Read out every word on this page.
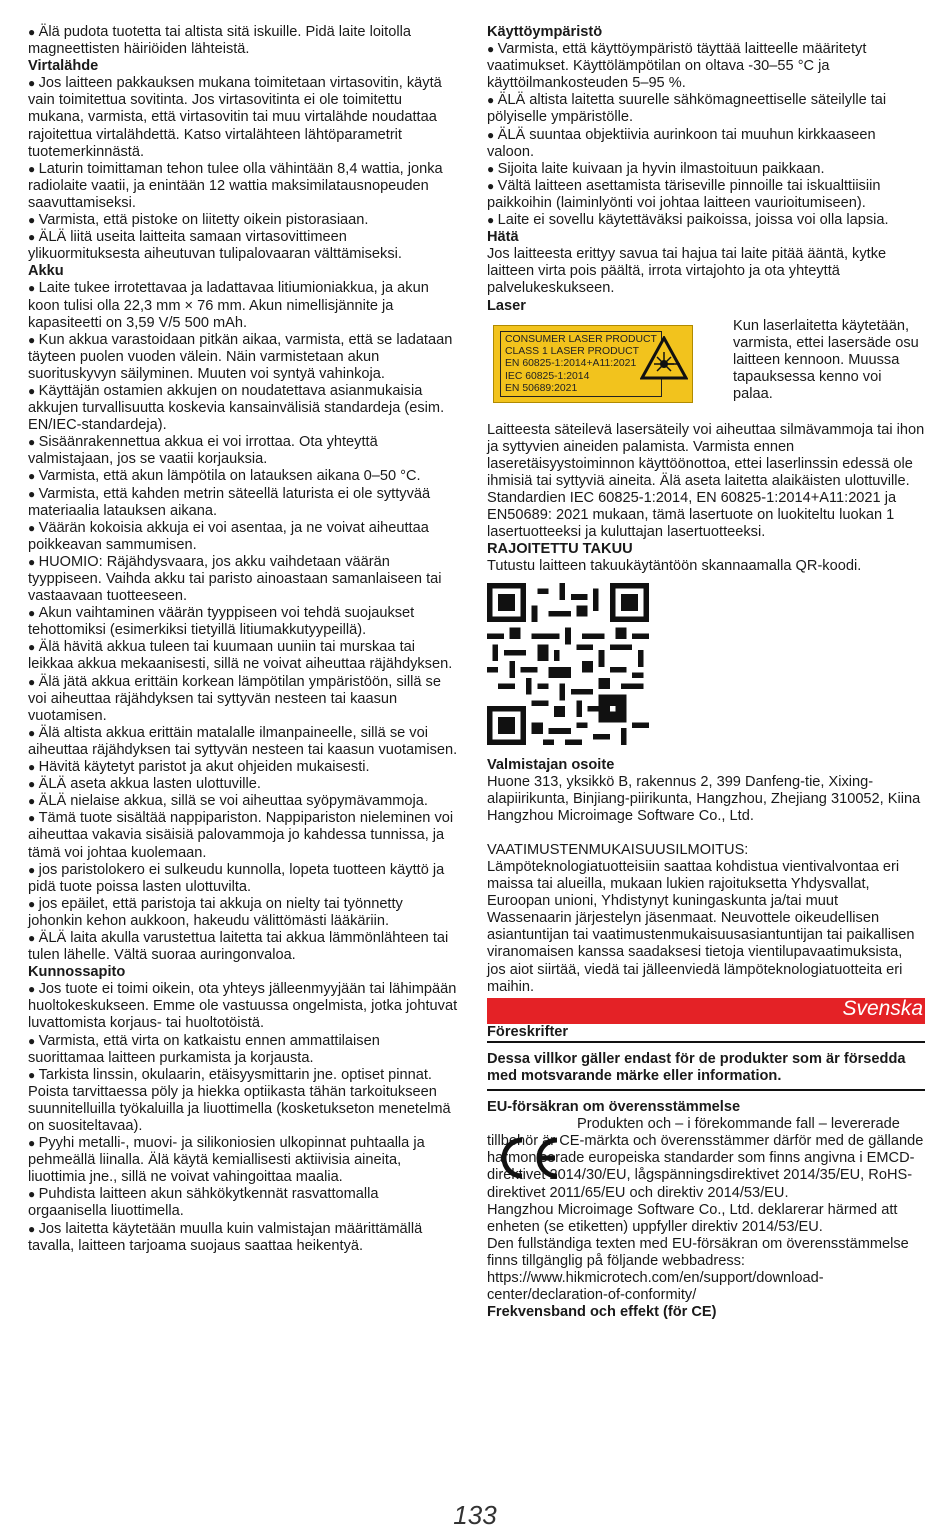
● Älä pudota tuotetta tai altista sitä iskuille. Pidä laite loitolla magneettisten häiriöiden lähteistä.

Virtalähde

● Jos laitteen pakkauksen mukana toimitetaan virtasovitin, käytä vain toimitettua sovitinta. Jos virtasovitinta ei ole toimitettu mukana, varmista, että virtasovitin tai muu virtalähde noudattaa rajoitettua virtalähdettä. Katso virtalähteen lähtöparametrit tuotemerkinnästä.

● Laturin toimittaman tehon tulee olla vähintään 8,4 wattia, jonka radiolaite vaatii, ja enintään 12 wattia maksimilatausnopeuden saavuttamiseksi.

● Varmista, että pistoke on liitetty oikein pistorasiaan.

● ÄLÄ liitä useita laitteita samaan virtasovittimeen ylikuormituksesta aiheutuvan tulipalovaaran välttämiseksi.

Akku

● Laite tukee irrotettavaa ja ladattavaa litiumioniakkua, ja akun koon tulisi olla 22,3 mm × 76 mm. Akun nimellisjännite ja kapasiteetti on 3,59 V/5 500 mAh.

● Kun akkua varastoidaan pitkän aikaa, varmista, että se ladataan täyteen puolen vuoden välein. Näin varmistetaan akun suorituskyvyn säilyminen. Muuten voi syntyä vahinkoja.

● Käyttäjän ostamien akkujen on noudatettava asianmukaisia akkujen turvallisuutta koskevia kansainvälisiä standardeja (esim. EN/IEC-standardeja).

● Sisäänrakennettua akkua ei voi irrottaa. Ota yhteyttä valmistajaan, jos se vaatii korjauksia.

● Varmista, että akun lämpötila on latauksen aikana 0–50 °C.

● Varmista, että kahden metrin säteellä laturista ei ole syttyvää materiaalia latauksen aikana.

● Väärän kokoisia akkuja ei voi asentaa, ja ne voivat aiheuttaa poikkeavan sammumisen.

● HUOMIO: Räjähdysvaara, jos akku vaihdetaan väärän tyyppiseen. Vaihda akku tai paristo ainoastaan samanlaiseen tai vastaavaan tuotteeseen.

● Akun vaihtaminen väärän tyyppiseen voi tehdä suojaukset tehottomiksi (esimerkiksi tietyillä litiumakkutyypeillä).

● Älä hävitä akkua tuleen tai kuumaan uuniin tai murskaa tai leikkaa akkua mekaanisesti, sillä ne voivat aiheuttaa räjähdyksen.

● Älä jätä akkua erittäin korkean lämpötilan ympäristöön, sillä se voi aiheuttaa räjähdyksen tai syttyvän nesteen tai kaasun vuotamisen.

● Älä altista akkua erittäin matalalle ilmanpaineelle, sillä se voi aiheuttaa räjähdyksen tai syttyvän nesteen tai kaasun vuotamisen.

● Hävitä käytetyt paristot ja akut ohjeiden mukaisesti.

● ÄLÄ aseta akkua lasten ulottuville.

● ÄLÄ nielaise akkua, sillä se voi aiheuttaa syöpymävammoja.

● Tämä tuote sisältää nappipariston. Nappipariston nieleminen voi aiheuttaa vakavia sisäisiä palovammoja jo kahdessa tunnissa, ja tämä voi johtaa kuolemaan.

● jos paristolokero ei sulkeudu kunnolla, lopeta tuotteen käyttö ja pidä tuote poissa lasten ulottuvilta.

● jos epäilet, että paristoja tai akkuja on nielty tai työnnetty johonkin kehon aukkoon, hakeudu välittömästi lääkäriin.

● ÄLÄ laita akulla varustettua laitetta tai akkua lämmönlähteen tai tulen lähelle. Vältä suoraa auringonvaloa.

Kunnossapito

● Jos tuote ei toimi oikein, ota yhteys jälleenmyyjään tai lähimpään huoltokeskukseen. Emme ole vastuussa ongelmista, jotka johtuvat luvattomista korjaus- tai huoltotöistä.

● Varmista, että virta on katkaistu ennen ammattilaisen suorittamaa laitteen purkamista ja korjausta.

● Tarkista linssin, okulaarin, etäisyysmittarin jne. optiset pinnat. Poista tarvittaessa pöly ja hiekka optiikasta tähän tarkoitukseen suunnitelluilla työkaluilla ja liuottimella (kosketukseton menetelmä on suositeltavaa).

● Pyyhi metalli-, muovi- ja silikoniosien ulkopinnat puhtaalla ja pehmeällä liinalla. Älä käytä kemiallisesti aktiivisia aineita, liuottimia jne., sillä ne voivat vahingoittaa maalia.

● Puhdista laitteen akun sähkökytkennät rasvattomalla orgaanisella liuottimella.

● Jos laitetta käytetään muulla kuin valmistajan määrittämällä tavalla, laitteen tarjoama suojaus saattaa heikentyä.

Käyttöympäristö

● Varmista, että käyttöympäristö täyttää laitteelle määritetyt vaatimukset. Käyttölämpötilan on oltava -30–55 °C ja käyttöilmankosteuden 5–95 %.

● ÄLÄ altista laitetta suurelle sähkömagneettiselle säteilylle tai pölyiselle ympäristölle.

● ÄLÄ suuntaa objektiivia aurinkoon tai muuhun kirkkaaseen valoon.

● Sijoita laite kuivaan ja hyvin ilmastoituun paikkaan.

● Vältä laitteen asettamista täriseville pinnoille tai iskualttiisiin paikkoihin (laiminlyönti voi johtaa laitteen vaurioitumiseen).

● Laite ei sovellu käytettäväksi paikoissa, joissa voi olla lapsia.

Hätä

Jos laitteesta erittyy savua tai hajua tai laite pitää ääntä, kytke laitteen virta pois päältä, irrota virtajohto ja ota yhteyttä palvelukeskukseen.

Laser

CONSUMER LASER PRODUCT
CLASS 1 LASER PRODUCT
EN 60825-1:2014+A11:2021
IEC 60825-1:2014
EN 50689:2021

Kun laserlaitetta käytetään, varmista, ettei lasersäde osu laitteen kennoon. Muussa tapauksessa kenno voi palaa.

Laitteesta säteilevä lasersäteily voi aiheuttaa silmävammoja tai ihon ja syttyvien aineiden palamista. Varmista ennen laseretäisyystoiminnon käyttöönottoa, ettei laserlinssin edessä ole ihmisiä tai syttyviä aineita. Älä aseta laitetta alaikäisten ulottuville. Standardien IEC 60825-1:2014, EN 60825-1:2014+A11:2021 ja EN50689: 2021 mukaan, tämä lasertuote on luokiteltu luokan 1 lasertuotteeksi ja kuluttajan lasertuotteeksi.

RAJOITETTU TAKUU

Tutustu laitteen takuukäytäntöön skannaamalla QR-koodi.

Valmistajan osoite

Huone 313, yksikkö B, rakennus 2, 399 Danfeng-tie, Xixing-alapiirikunta, Binjiang-piirikunta, Hangzhou, Zhejiang 310052, Kiina

Hangzhou Microimage Software Co., Ltd.

VAATIMUSTENMUKAISUUSILMOITUS: Lämpöteknologiatuotteisiin saattaa kohdistua vientivalvontaa eri maissa tai alueilla, mukaan lukien rajoituksetta Yhdysvallat, Euroopan unioni, Yhdistynyt kuningaskunta ja/tai muut Wassenaarin järjestelyn jäsenmaat. Neuvottele oikeudellisen asiantuntijan tai vaatimustenmukaisuusasiantuntijan tai paikallisen viranomaisen kanssa saadaksesi tietoja vientilupavaatimuksista, jos aiot siirtää, viedä tai jälleenviedä lämpöteknologiatuotteita eri maihin.

Svenska

Föreskrifter

Dessa villkor gäller endast för de produkter som är försedda med motsvarande märke eller information.

EU-försäkran om överensstämmelse

Produkten och – i förekommande fall – levererade tillbehör är CE-märkta och överensstämmer därför med de gällande harmoniserade europeiska standarder som finns angivna i EMCD-direktivet 2014/30/EU, lågspänningsdirektivet 2014/35/EU, RoHS-direktivet 2011/65/EU och direktiv 2014/53/EU.

Hangzhou Microimage Software Co., Ltd. deklarerar härmed att enheten (se etiketten) uppfyller direktiv 2014/53/EU.

Den fullständiga texten med EU-försäkran om överensstämmelse finns tillgänglig på följande webbadress:

https://www.hikmicrotech.com/en/support/download-center/declaration-of-conformity/

Frekvensband och effekt (för CE)

133
